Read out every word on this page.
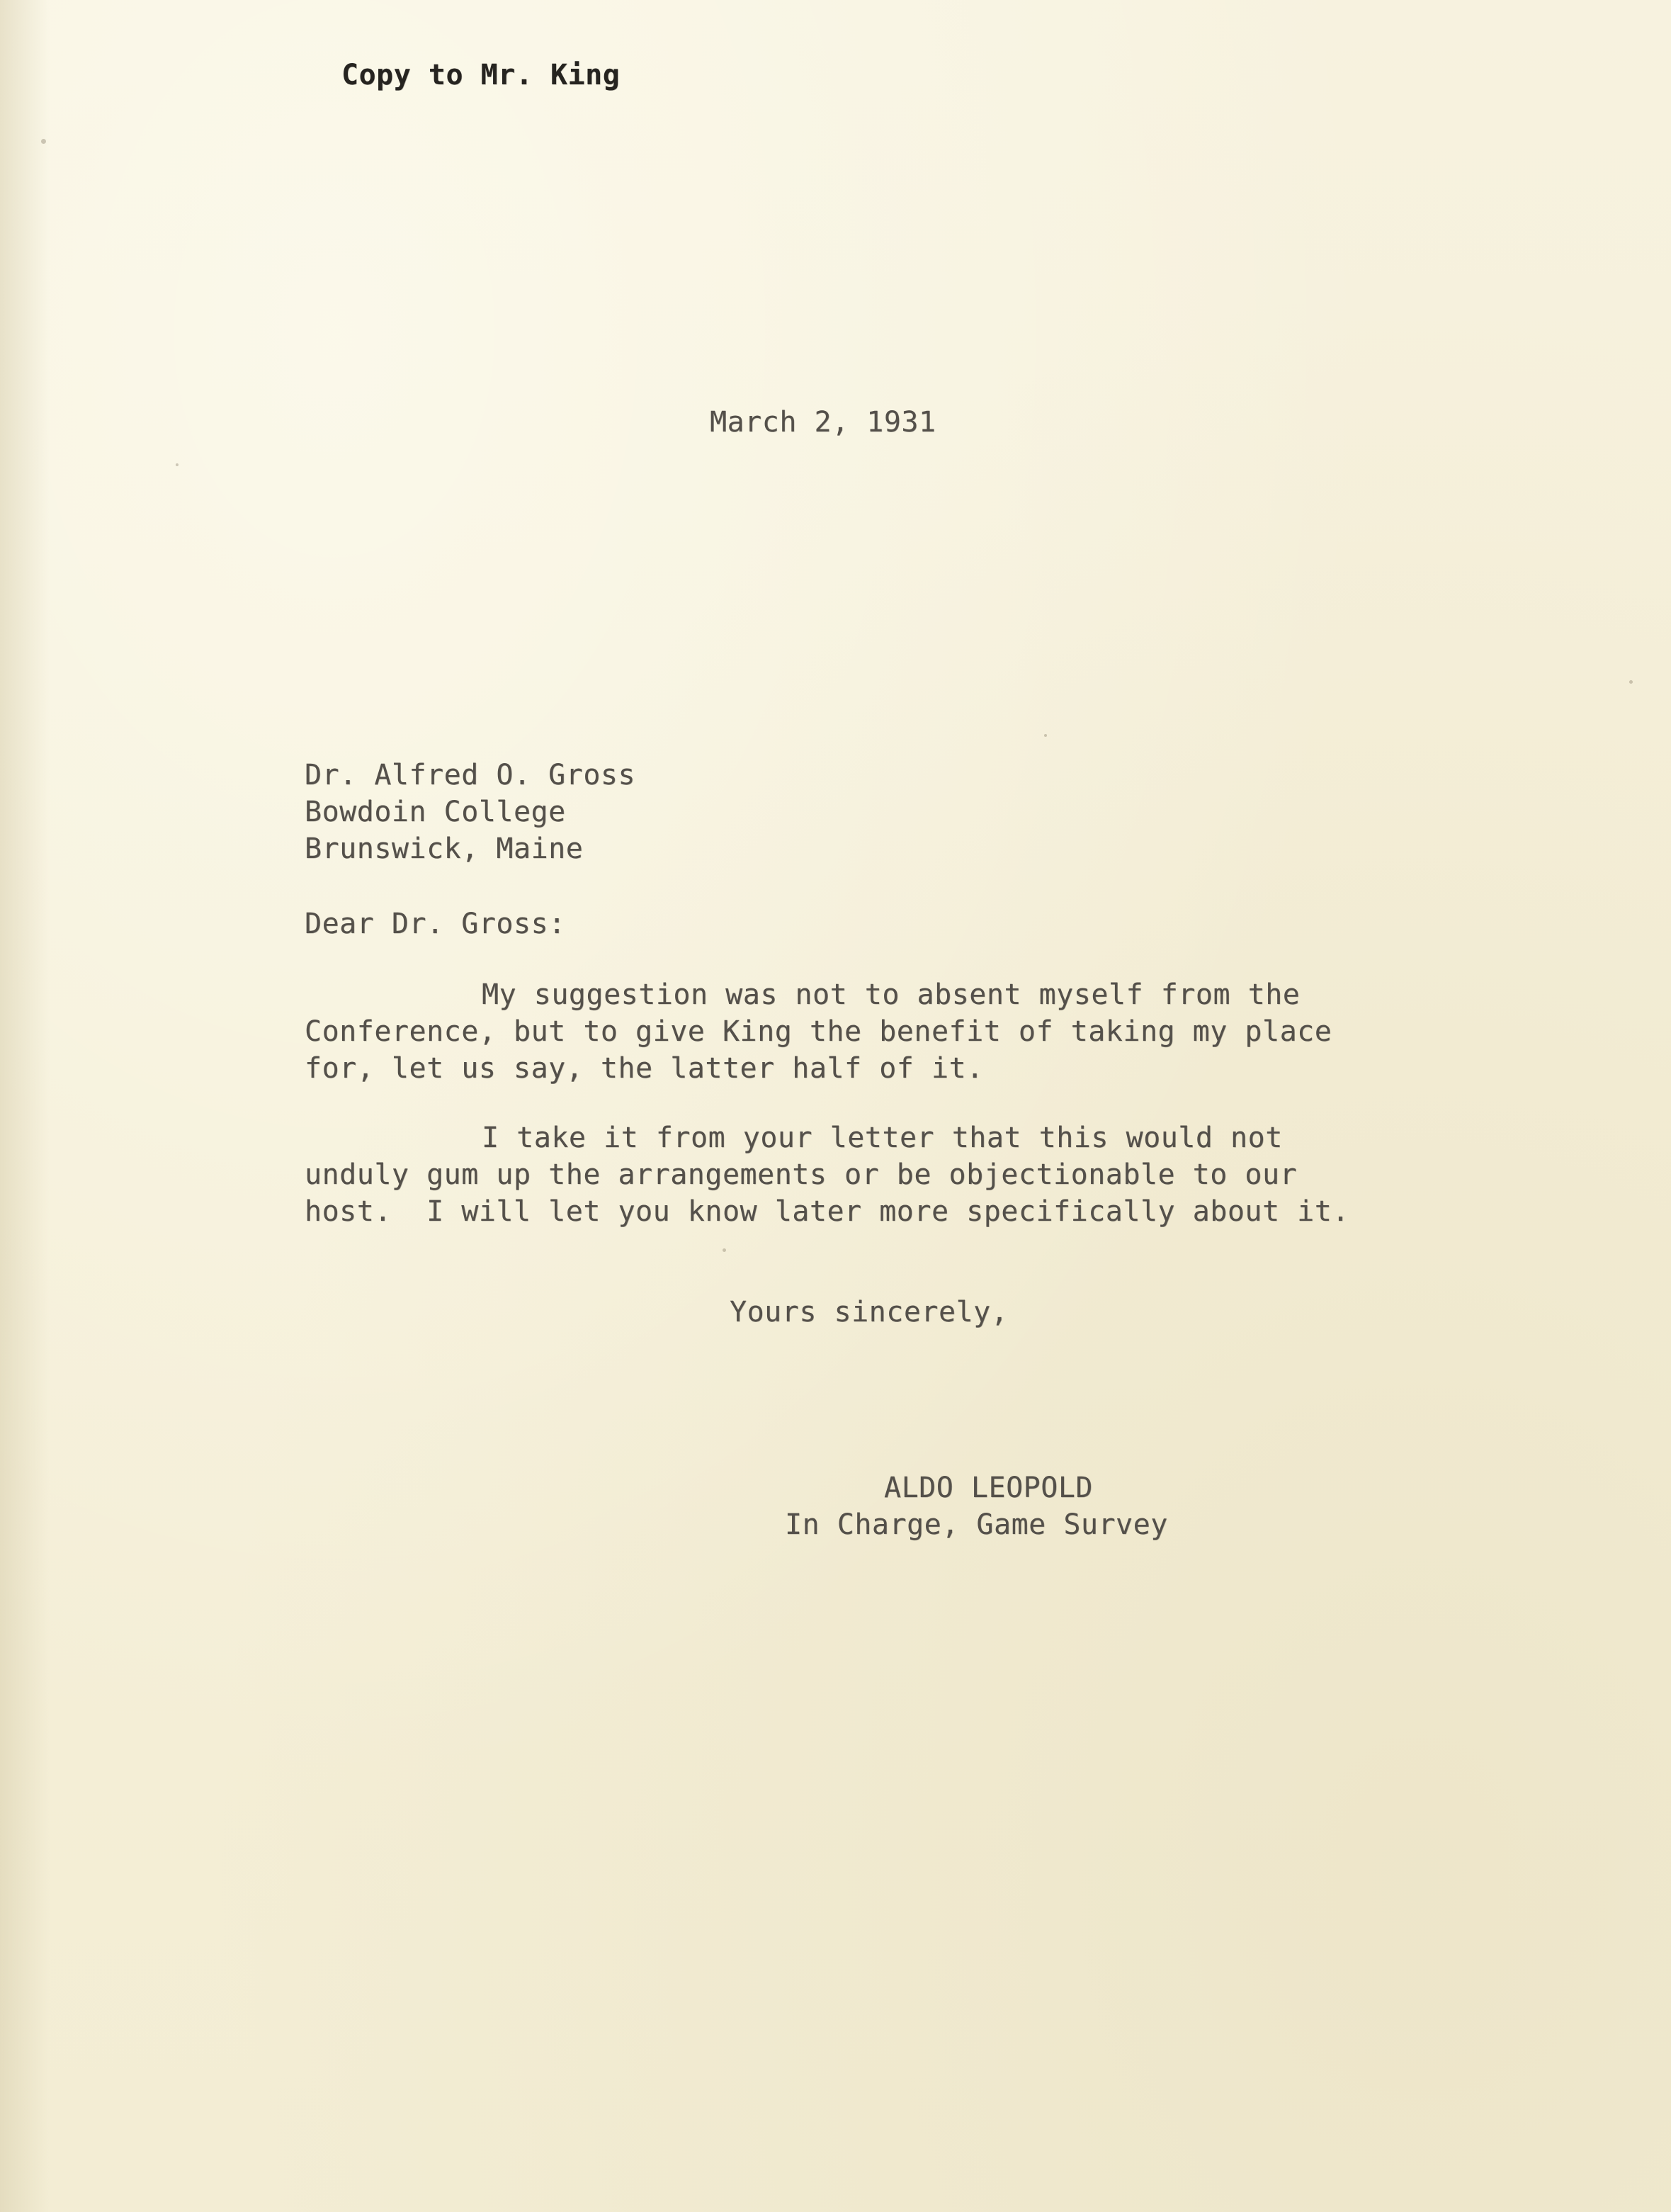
Copy to Mr. King
March 2, 1931
Dr. Alfred O. Gross
Bowdoin College
Brunswick, Maine
Dear Dr. Gross:
My suggestion was not to absent myself from the
Conference, but to give King the benefit of taking my place
for, let us say, the latter half of it.
I take it from your letter that this would not
unduly gum up the arrangements or be objectionable to our
host.  I will let you know later more specifically about it.
Yours sincerely,
ALDO LEOPOLD
In Charge, Game Survey
